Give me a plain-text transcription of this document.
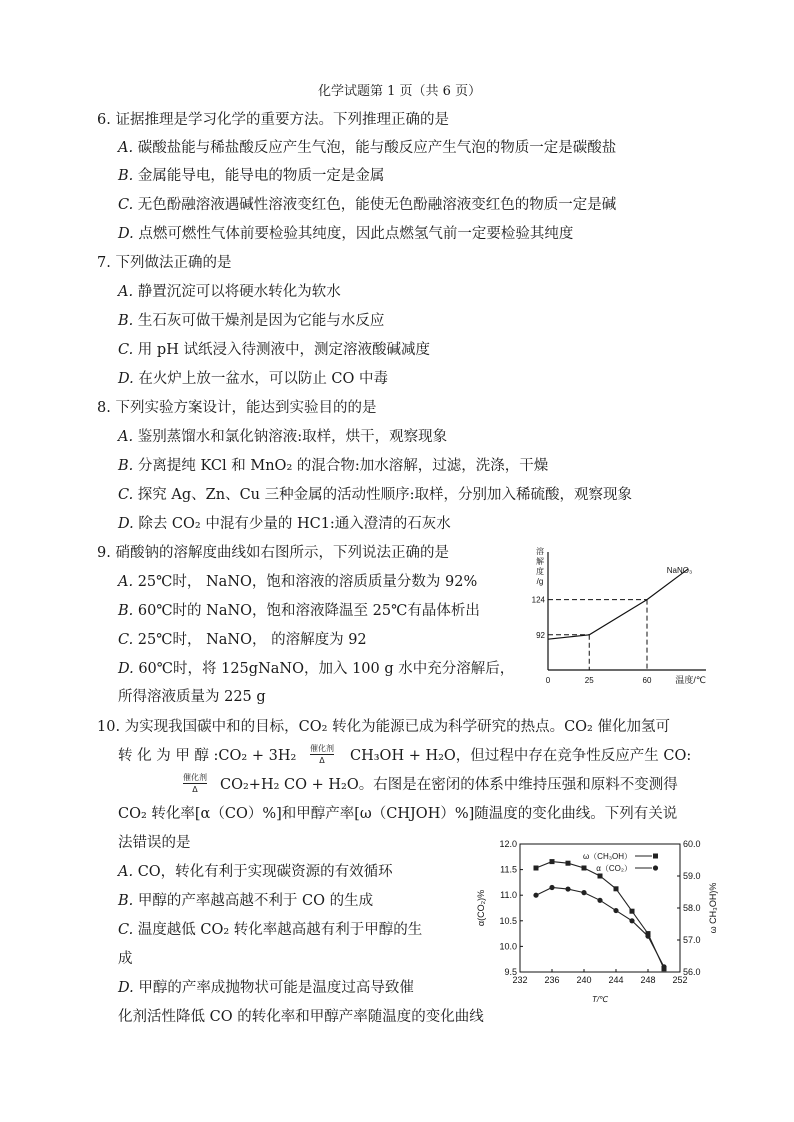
化学试题第 1 页（共 6 页）
6. 证据推理是学习化学的重要方法。下列推理正确的是
A. 碳酸盐能与稀盐酸反应产生气泡，能与酸反应产生气泡的物质一定是碳酸盐
B. 金属能导电，能导电的物质一定是金属
C. 无色酚融溶液遇碱性溶液变红色，能使无色酚融溶液变红色的物质一定是碱
D. 点燃可燃性气体前要检验其纯度，因此点燃氢气前一定要检验其纯度
7. 下列做法正确的是
A. 静置沉淀可以将硬水转化为软水
B. 生石灰可做干燥剂是因为它能与水反应
C. 用 pH 试纸浸入待测液中，测定溶液酸碱减度
D. 在火炉上放一盆水，可以防止 CO 中毒
8. 下列实验方案设计，能达到实验目的的是
A. 鉴别蒸馏水和氯化钠溶液:取样，烘干，观察现象
B. 分离提纯 KCl 和 MnO₂ 的混合物:加水溶解，过滤，洗涤，干燥
C. 探究 Ag、Zn、Cu 三种金属的活动性顺序:取样，分别加入稀硫酸，观察现象
D. 除去 CO₂ 中混有少量的 HC1:通入澄清的石灰水
9. 硝酸钠的溶解度曲线如右图所示，下列说法正确的是
A. 25℃时， NaNO，饱和溶液的溶质质量分数为 92%
B. 60℃时的 NaNO，饱和溶液降温至 25℃有晶体析出
C. 25℃时， NaNO， 的溶解度为 92
D. 60℃时，将 125gNaNO，加入 100 g 水中充分溶解后，
所得溶液质量为 225 g
溶
解
度
/g
温度/℃
NaNO₃
92
124
0	25	60
10. 为实现我国碳中和的目标，CO₂ 转化为能源已成为科学研究的热点。CO₂ 催化加氢可
转 化 为 甲 醇 :CO₂ + 3H₂ 催化剂
Δ	CH₃OH + H₂O，但过程中存在竞争性反应产生 CO:
催化剂
Δ	CO₂+H₂ CO + H₂O。右图是在密闭的体系中维持压强和原料不变测得
CO₂ 转化率[α（CO）%]和甲醇产率[ω（CHJOH）%]随温度的变化曲线。下列有关说
法错误的是
A. CO，转化有利于实现碳资源的有效循环
B. 甲醇的产率越高越不利于 CO 的生成
C. 温度越低 CO₂ 转化率越高越有利于甲醇的生
成
D. 甲醇的产率成抛物状可能是温度过高导致催
化剂活性降低 CO 的转化率和甲醇产率随温度的变化曲线
232 236 240 244 248 252
9.5
10.0
10.5
11.0
11.5
12.0
56.0
57.0
58.0
59.0
60.0
T/℃
α(CO₂)%	ω CH₃OH)%
ω（CH₃OH）
α（CO₂）
